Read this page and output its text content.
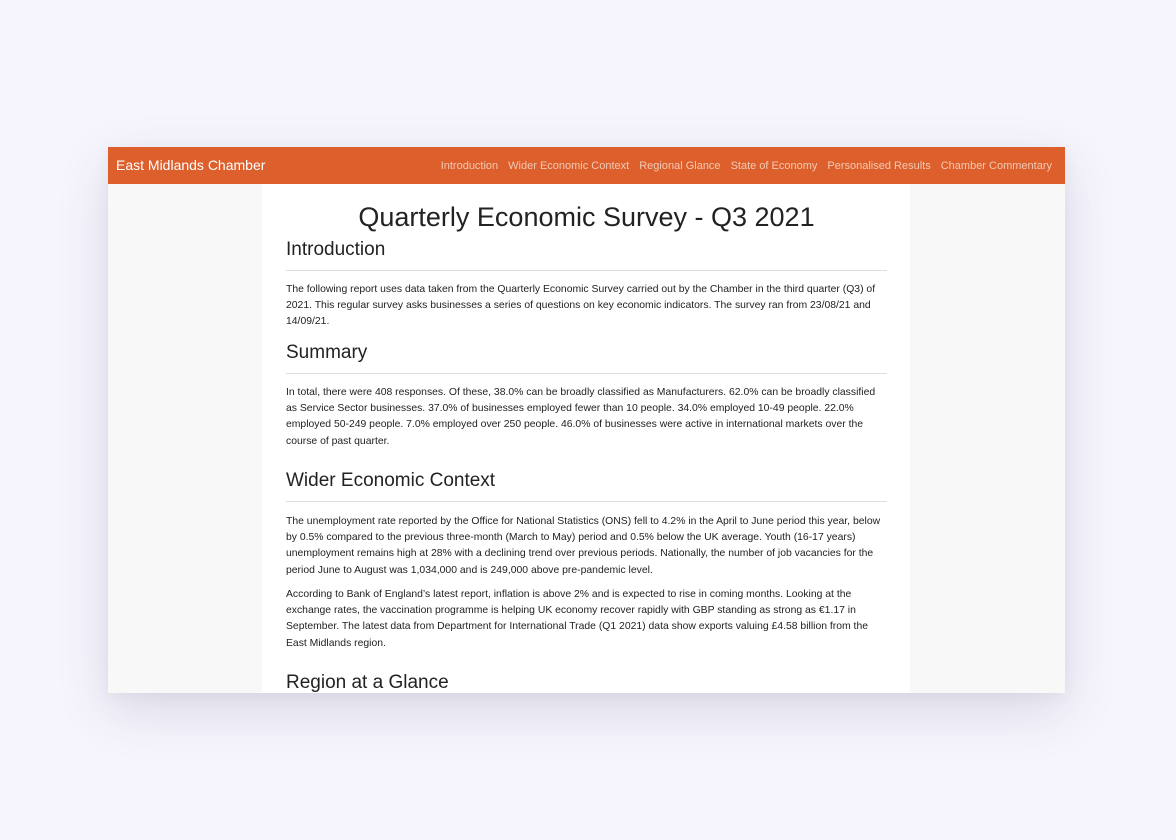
East Midlands Chamber	Introduction Wider Economic Context Regional Glance State of Economy Personalised Results Chamber Commentary
Quarterly Economic Survey - Q3 2021
Introduction

The following report uses data taken from the Quarterly Economic Survey carried out by the Chamber in the third quarter (Q3) of 2021. This regular survey asks businesses a series of questions on key economic indicators. The survey ran from 23/08/21 and 14/09/21.

Summary

In total, there were 408 responses. Of these, 38.0% can be broadly classified as Manufacturers. 62.0% can be broadly classified as Service Sector businesses. 37.0% of businesses employed fewer than 10 people. 34.0% employed 10-49 people. 22.0% employed 50-249 people. 7.0% employed over 250 people. 46.0% of businesses were active in international markets over the course of past quarter.

Wider Economic Context

The unemployment rate reported by the Office for National Statistics (ONS) fell to 4.2% in the April to June period this year, below by 0.5% compared to the previous three-month (March to May) period and 0.5% below the UK average. Youth (16-17 years) unemployment remains high at 28% with a declining trend over previous periods. Nationally, the number of job vacancies for the period June to August was 1,034,000 and is 249,000 above pre-pandemic level.

According to Bank of England’s latest report, inflation is above 2% and is expected to rise in coming months. Looking at the exchange rates, the vaccination programme is helping UK economy recover rapidly with GBP standing as strong as €1.17 in September. The latest data from Department for International Trade (Q1 2021) data show exports valuing £4.58 billion from the East Midlands region.

Region at a Glance
